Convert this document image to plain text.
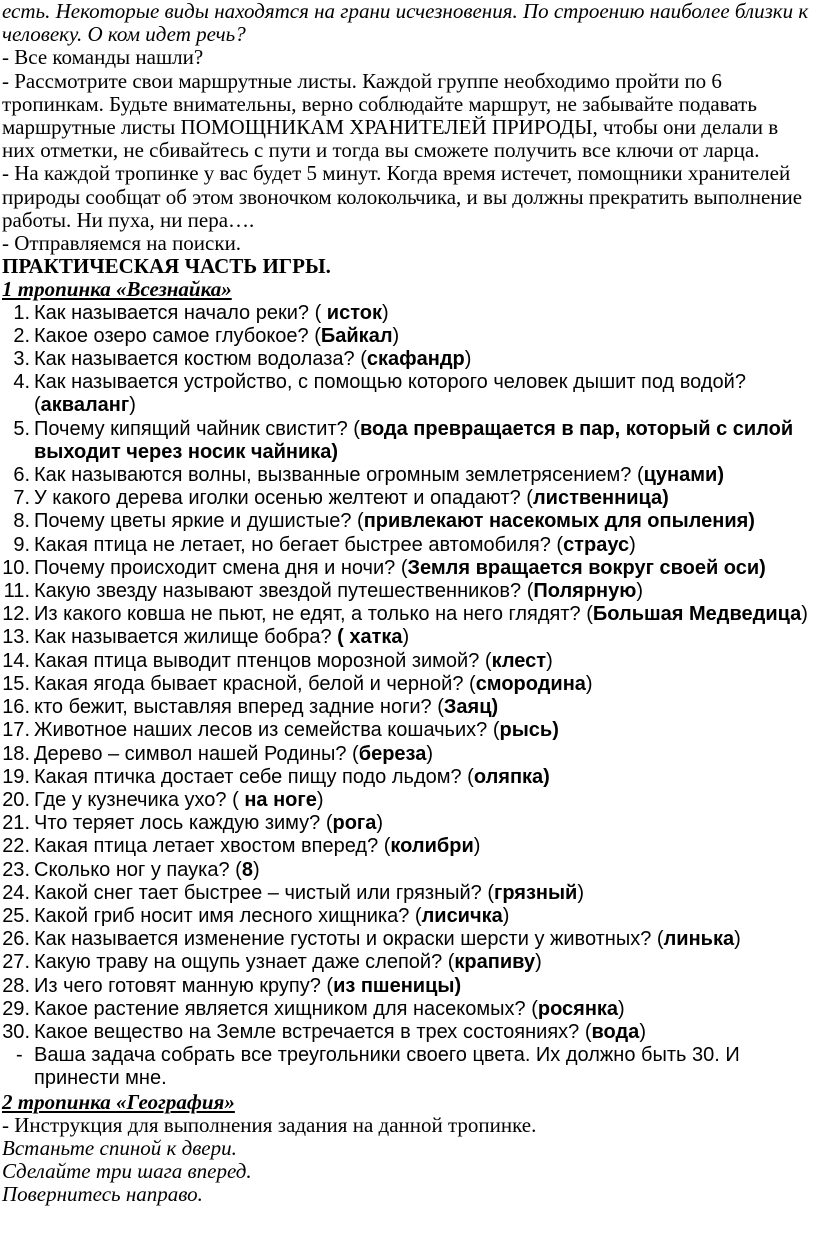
есть. Некоторые виды находятся на грани исчезновения. По строению наиболее близки к

человеку. О ком идет речь?

- Все команды нашли?

- Рассмотрите свои маршрутные листы. Каждой группе необходимо пройти по 6 тропинкам. Будьте внимательны, верно соблюдайте маршрут, не забывайте подавать маршрутные листы ПОМОЩНИКАМ ХРАНИТЕЛЕЙ ПРИРОДЫ, чтобы они делали в них отметки, не сбивайтесь с пути и тогда вы сможете получить все ключи от ларца.

- На каждой тропинке у вас будет 5 минут. Когда время истечет, помощники хранителей природы сообщат об этом звоночком колокольчика, и вы должны прекратить выполнение работы. Ни пуха, ни пера….

- Отправляемся на поиски.

ПРАКТИЧЕСКАЯ ЧАСТЬ ИГРЫ.

1 тропинка «Всезнайка»

1 . Как называется начало реки? ( исток)
2 . Какое озеро самое глубокое? (Байкал)
3 . Как называется костюм водолаза? (скафандр)
4 . Как называется устройство, с помощью которого человек дышит под водой? (акваланг)
5 . Почему кипящий чайник свистит? (вода превращается в пар, который с силой выходит через носик чайника)
6 . Как называются волны, вызванные огромным землетрясением? (цунами)
7 . У какого дерева иголки осенью желтеют и опадают? (лиственница)
8 . Почему цветы яркие и душистые? (привлекают насекомых для опыления)
9 . Какая птица не летает, но бегает быстрее автомобиля? (страус)
10 . Почему происходит смена дня и ночи? (Земля вращается вокруг своей оси)
11 . Какую звезду называют звездой путешественников? (Полярную)
12 . Из какого ковша не пьют, не едят, а только на него глядят? (Большая Медведица)
13 . Как называется жилище бобра? ( хатка)
14 . Какая птица выводит птенцов морозной зимой? (клест)
15 . Какая ягода бывает красной, белой и черной? (смородина)
16 . кто бежит, выставляя вперед задние ноги? (Заяц)
17 . Животное наших лесов из семейства кошачьих? (рысь)
18 . Дерево – символ нашей Родины? (береза)
19 . Какая птичка достает себе пищу подо льдом? (оляпка)
20 . Где у кузнечика ухо? ( на ноге)
21 . Что теряет лось каждую зиму? (рога)
22 . Какая птица летает хвостом вперед? (колибри)
23 . Сколько ног у паука? (8)
24 . Какой снег тает быстрее – чистый или грязный? (грязный)
25 . Какой гриб носит имя лесного хищника? (лисичка)
26 . Как называется изменение густоты и окраски шерсти у животных? (линька)
27 . Какую траву на ощупь узнает даже слепой? (крапиву)
28 . Из чего готовят манную крупу? (из пшеницы)
29 . Какое растение является хищником для насекомых? (росянка)
30 . Какое вещество на Земле встречается в трех состояниях? (вода)
- Ваша задача собрать все треугольники своего цвета. Их должно быть 30. И принести мне.

2 тропинка «География»

- Инструкция для выполнения задания на данной тропинке.

Встаньте спиной к двери.

Сделайте три шага вперед.

Повернитесь направо.
